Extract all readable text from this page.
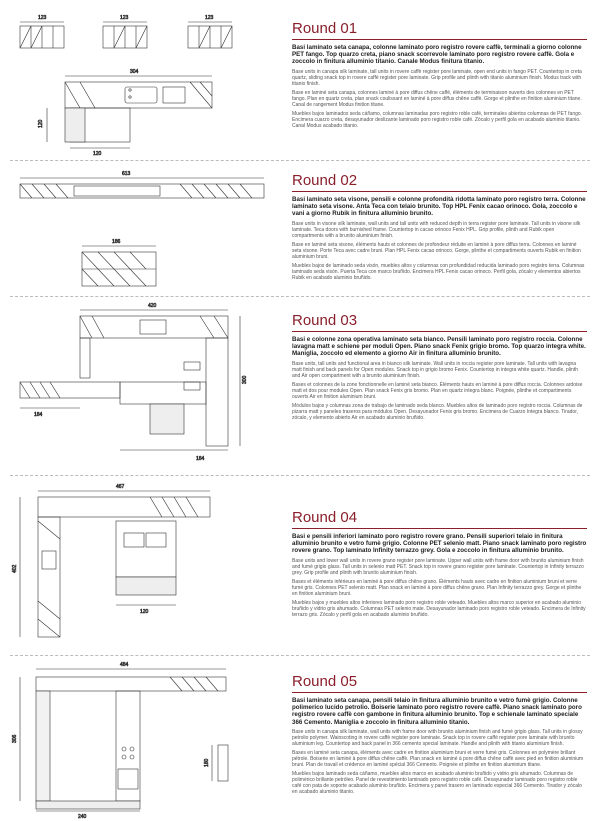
123	123	123
304
120
120
Round 01

Basi laminato seta canapa, colonne laminato poro registro rovere caffè, terminali a giorno colonne PET fango. Top quarzo creta, piano snack scorrevole laminato poro registro rovere caffè. Gola e zoccolo in finitura alluminio titanio. Canale Modus finitura titanio.

Base units in canapa silk laminate, tall units in rovere caffè register pore laminate, open end units in fango PET. Countertop in creta quartz, sliding snack top in rovere caffè register pore laminate. Grip profile and plinth with titanio aluminium finish. Modus track with titanio finish.

Base en laminé seta canapa, colonnes laminé à pore diffus chêne caffè, éléments de terminaison ouverts des colonnes en PET fango. Plan en quartz creta, plan snack coulissant en laminé à pore diffus chêne caffè. Gorge et plinthe en finition aluminium titane. Canal de rangement Modus finition titane.

Muebles bajos laminados seda cáñamo, columnas laminadas poro registro roble café, terminales abiertos columnas de PET fango. Encimera cuarzo creta, desayunador deslizante laminado poro registro roble café. Zócalo y perfil gola en acabado aluminio titanio. Canal Modus acabado titanio.

613
186
Round 02

Basi laminato seta visone, pensili e colonne profondità ridotta laminato poro registro terra. Colonne laminato seta visone. Anta Teca con telaio brunito. Top HPL Fenix cacao orinoco. Gola, zoccolo e vani a giorno Rubik in finitura alluminio brunito.

Base units in visone silk laminate, wall units and tall units with reduced depth in terra register pore laminate. Tall units in visone silk laminate. Teca doors with burnished frame. Countertop in cacao orinoco Fenix HPL. Grip profile, plinth and Rubik open compartments with a brunito aluminium finish.

Base en laminé seta visone, éléments hauts et colonnes de profondeur réduite en laminé à pore diffus terra. Colonnes en laminé seta visone. Porte Teca avec cadre bruni. Plan HPL Fenix cacao orinoco. Gorge, plinthe et compartiments ouverts Rubik en finition aluminium bruni.

Muebles bajos de laminado seda visón, muebles altos y columnas con profundidad reducida laminado poro registro terra. Columnas laminado seda visón. Puerta Teca con marco bruñido. Encimera HPL Fenix cacao orinoco. Perfil gola, zócalo y elementos abiertos Rubik en acabado aluminio bruñido.

420
300
184
184
Round 03

Basi e colonne zona operativa laminato seta bianco. Pensili laminato poro registro roccia. Colonne lavagna matt e schiene per moduli Open. Piano snack Fenix grigio bromo. Top quarzo integra white. Maniglia, zoccolo ed elemento a giorno Air in finitura alluminio brunito.

Base units, tall units and functional area in bianco silk laminate. Wall units in roccia register pore laminate. Tall units with lavagna matt finish and back panels for Open modules. Snack top in grigio bromo Fenix. Countertop in integra white quartz. Handle, plinth and Air open compartment with a brunito aluminium finish.

Bases et colonnes de la zone fonctionnelle en laminé seta bianco. Éléments hauts en laminé à pore diffus roccia. Colonnes ardoise matt et dos pour modules Open. Plan snack Fenix gris bromo. Plan en quartz integra blanc. Poignée, plinthe et compartiments ouverts Air en finition aluminium bruni.

Módulos bajos y columnas zona de trabajo de laminado seda blanco. Muebles altos de laminado poro registro roccia. Columnas de pizarra matt y paneles traseros para módulos Open. Desayunador Fenix gris bromo. Encimera de Cuarzo Integra blanco. Tirador, zócalo, y elemento abierto Air en acabado aluminio bruñido.

467
402
120
Round 04

Basi e pensili inferiori laminato poro registro rovere grano. Pensili superiori telaio in finitura alluminio brunito e vetro fumè grigio. Colonne PET selenio matt. Piano snack laminato poro registro rovere grano. Top laminato Infinity terrazzo grey. Gola e zoccolo in finitura alluminio brunito.

Base units and lower wall units in rovere grano register pore laminate. Upper wall units with frame door with brunito aluminium finish and fumè grigio glass. Tall units in selenio matt PET. Snack top in rovere grano register pore laminate. Countertop in Infinity terrazzo grey. Grip profile and plinth with brunito aluminium finish.

Bases et éléments inférieurs en laminé à pore diffus chêne grano. Éléments hauts avec cadre en finition aluminium bruni et verre fumé gris. Colonnes PET selenio matt. Plan snack en laminé à pore diffus chêne grano. Plan Infinity terrazzo grey. Gorge et plinthe en finition aluminium bruni.

Muebles bajos y muebles altos inferiores laminado poro registro roble veteado. Muebles altos marco superior en acabado aluminio bruñido y vidrio gris ahumado. Columnas PET selenio mate. Desayunador laminado poro registro roble veteado. Encimera de Infinity terrazo gris. Zócalo y perfil gola en acabado aluminio bruñido.

484
306
180
240
Round 05

Basi laminato seta canapa, pensili telaio in finitura alluminio brunito e vetro fumè grigio. Colonne polimerico lucido petrolio. Boiserie laminato poro registro rovere caffè. Piano snack laminato poro registro rovere caffè con gambone in finitura alluminio brunito. Top e schienale laminato speciale 366 Cemento. Maniglia e zoccolo in finitura alluminio titanio.

Base units in canapa silk laminate, wall units with frame door with brunito aluminium finish and fumè grigio glass. Tall units in glossy petrolio polymer. Wainscoting in rovere caffè register pore laminate. Snack top in rovere caffè register pore laminate with brunito aluminium leg. Countertop and back panel in 366 cemento special laminate. Handle and plinth with titanio aluminium finish.

Bases en laminé seta canapa, éléments avec cadre en finition aluminium bruni et verre fumé gris. Colonnes en polymère brillant pétrole. Boiserie en laminé à pore diffus chêne caffè. Plan snack en laminé à pore diffus chêne caffè avec pied en finition aluminium bruni. Plan de travail et crédence en laminé spécial 366 Cemento. Poignée et plinthe en finition aluminium titane.

Muebles bajos laminado seda cáñamo, muebles altos marco en acabado aluminio bruñido y vidrio gris ahumado. Columnas de polimérico brillante petróleo. Panel de revestimiento laminado poro registro roble café. Desayunador laminado poro registro roble café con pata de soporte acabado aluminio bruñido. Encimera y panel trasero en laminado especial 366 Cemento. Tirador y zócalo en acabado aluminio titanio.
